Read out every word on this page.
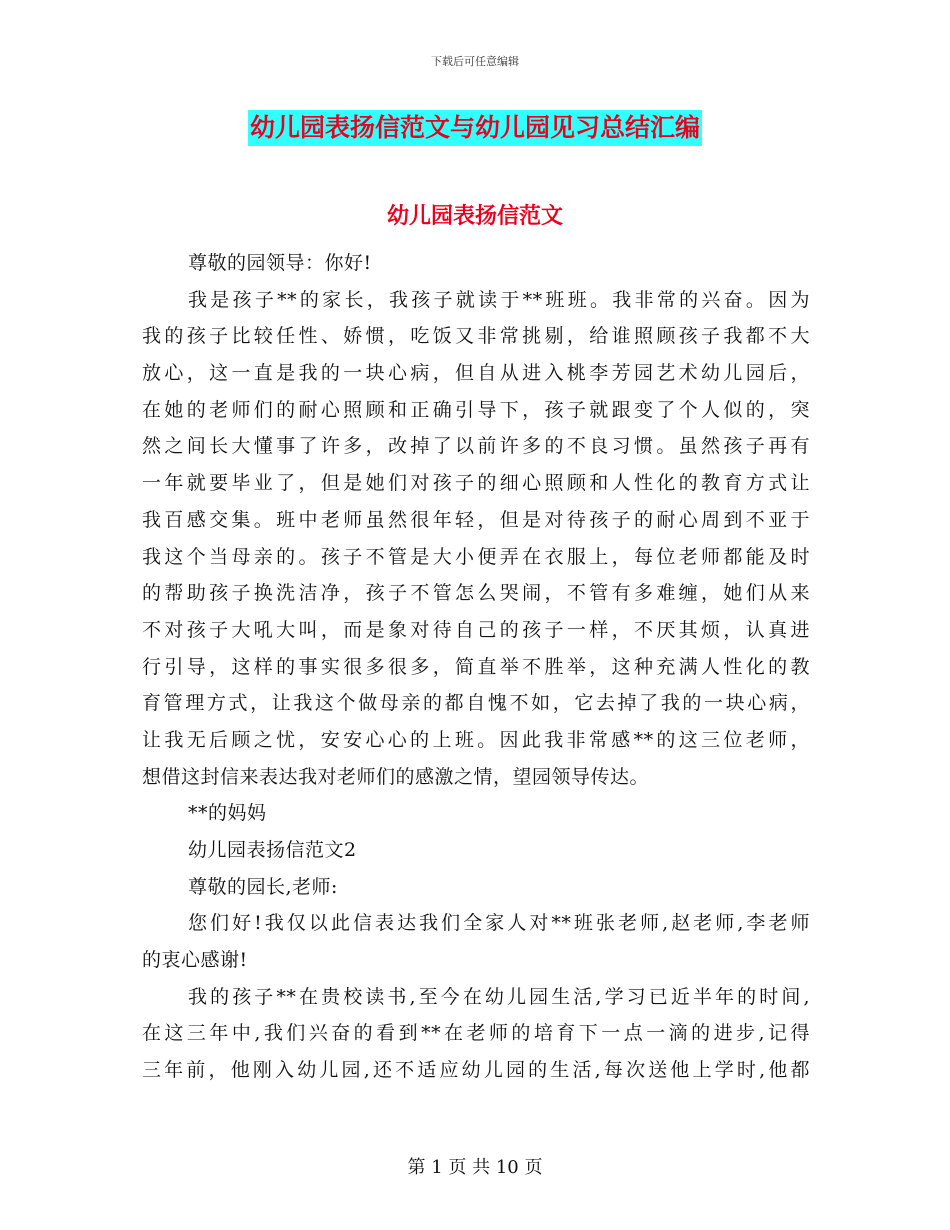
下载后可任意编辑
幼儿园表扬信范文与幼儿园见习总结汇编
幼儿园表扬信范文
尊敬的园领导：你好!
我是孩子**的家长，我孩子就读于**班班。我非常的兴奋。因为
我的孩子比较任性、娇惯，吃饭又非常挑剔，给谁照顾孩子我都不大
放心，这一直是我的一块心病，但自从进入桃李芳园艺术幼儿园后，
在她的老师们的耐心照顾和正确引导下，孩子就跟变了个人似的，突
然之间长大懂事了许多，改掉了以前许多的不良习惯。虽然孩子再有
一年就要毕业了，但是她们对孩子的细心照顾和人性化的教育方式让
我百感交集。班中老师虽然很年轻，但是对待孩子的耐心周到不亚于
我这个当母亲的。孩子不管是大小便弄在衣服上，每位老师都能及时
的帮助孩子换洗洁净，孩子不管怎么哭闹，不管有多难缠，她们从来
不对孩子大吼大叫，而是象对待自己的孩子一样，不厌其烦，认真进
行引导，这样的事实很多很多，简直举不胜举，这种充满人性化的教
育管理方式，让我这个做母亲的都自愧不如，它去掉了我的一块心病，
让我无后顾之忧，安安心心的上班。因此我非常感**的这三位老师，
想借这封信来表达我对老师们的感激之情，望园领导传达。
**的妈妈
幼儿园表扬信范文2
尊敬的园长,老师:
您们好!我仅以此信表达我们全家人对**班张老师,赵老师,李老师
的衷心感谢!
我的孩子**在贵校读书,至今在幼儿园生活,学习已近半年的时间,
在这三年中,我们兴奋的看到**在老师的培育下一点一滴的进步,记得
三年前，他刚入幼儿园,还不适应幼儿园的生活,每次送他上学时,他都
第 1 页 共 10 页
